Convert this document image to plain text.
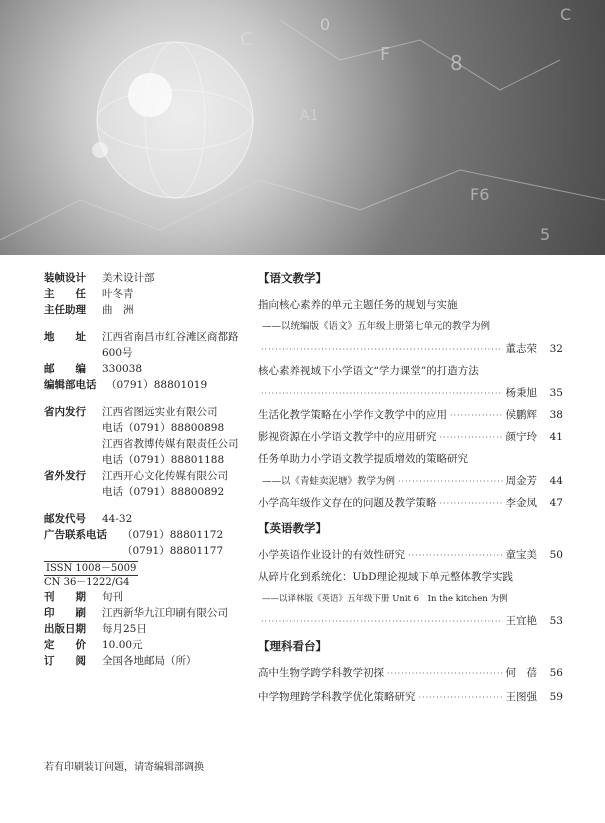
C
0
F	8
A1
F6
5
C
装帧设计	美术设计部
主　　任	叶冬青
主任助理	曲　洲
地　　址	江西省南昌市红谷滩区商都路600号
邮　　编	330038
编辑部电话 （0791）88801019
省内发行	江西省图远实业有限公司
电话（0791）88800898
江西省教博传媒有限责任公司
电话（0791）88801188
省外发行	江西开心文化传媒有限公司
电话（0791）88800892
邮发代号	44-32
广告联系电话	（0791）88801172
（0791）88801177
ISSN 1008－5009
CN 36－1222/G4
刊　　期	旬刊
印　　刷	江西新华九江印刷有限公司
出版日期	每月25日
定　　价	10.00元
订　　阅	全国各地邮局（所）
若有印刷装订问题，请寄编辑部调换
【语文教学】
指向核心素养的单元主题任务的规划与实施
——以统编版《语文》五年级上册第七单元的教学为例
·····
董志荣	32
核心素养视域下小学语文“学力课堂”的打造方法
·····
杨秉旭	35
生活化教学策略在小学作文教学中的应用 ·····	侯鹏辉	38
影视资源在小学语文教学中的应用研究 ·····	颜宁玲	41
任务单助力小学语文教学提质增效的策略研究
——以《青蛙卖泥塘》教学为例 ·····	周金芳	44
小学高年级作文存在的问题及教学策略 ·····	李金凤	47
【英语教学】
小学英语作业设计的有效性研究 ·····	童宝美	50
从碎片化到系统化：UbD理论视域下单元整体教学实践
——以译林版《英语》五年级下册 Unit 6　In the kitchen 为例
·····
王宜艳	53
【理科看台】
高中生物学跨学科教学初探 ·····	何　蓓	56
中学物理跨学科教学优化策略研究 ·····	王图强	59
